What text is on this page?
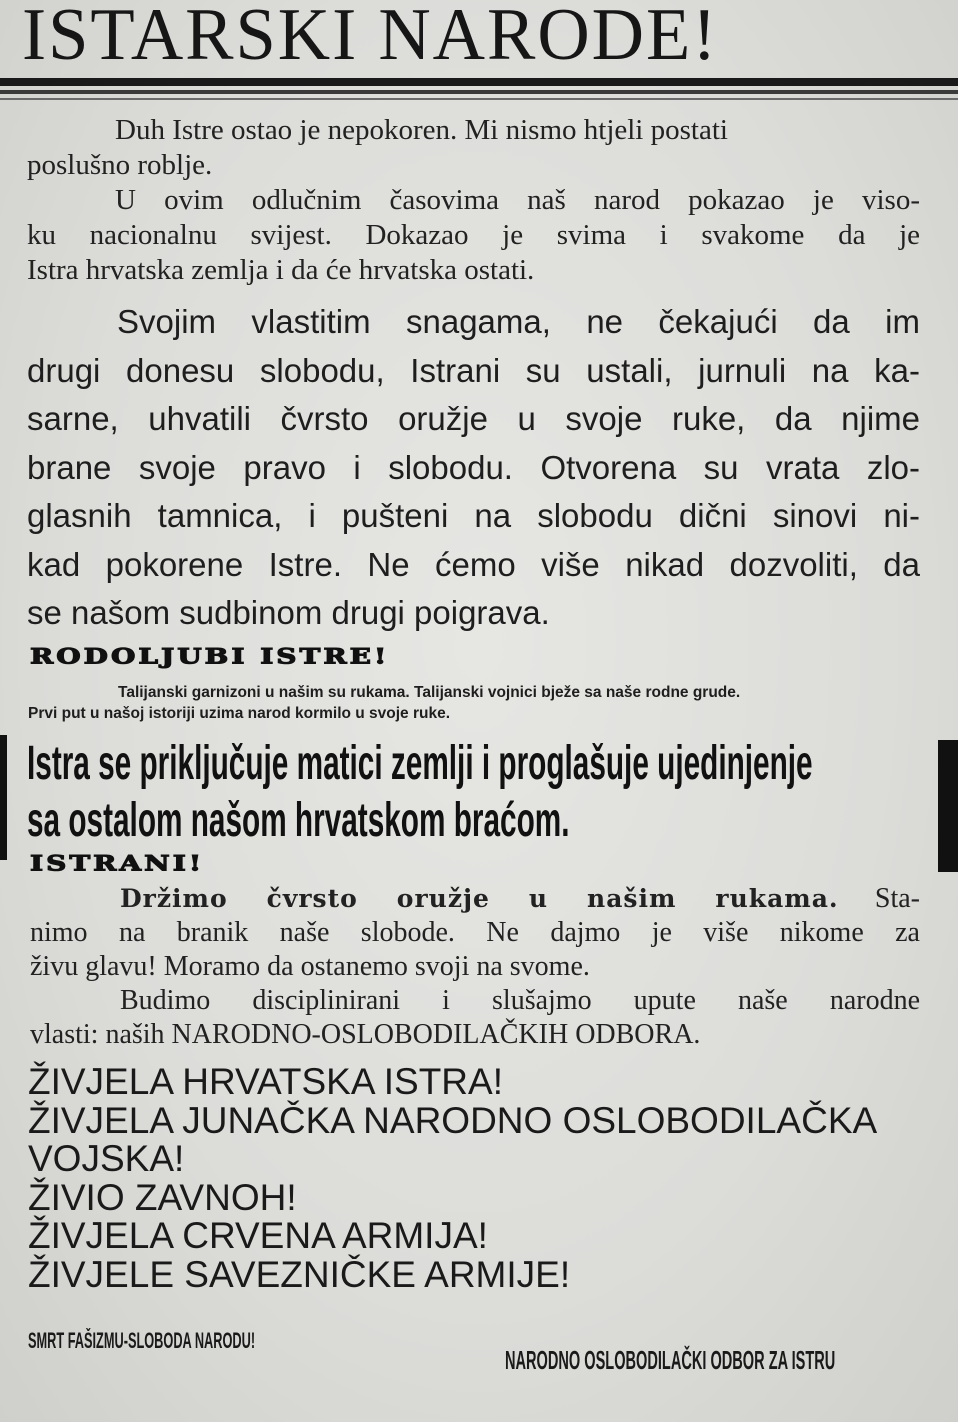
ISTARSKI NARODE!
Duh Istre ostao je nepokoren. Mi nismo htjeli postati
poslušno roblje.
U ovim odlučnim časovima naš narod pokazao je viso-
ku nacionalnu svijest. Dokazao je svima i svakome da je
Istra hrvatska zemlja i da će hrvatska ostati.
Svojim vlastitim snagama, ne čekajući da im
drugi donesu slobodu, Istrani su ustali, jurnuli na ka-
sarne, uhvatili čvrsto oružje u svoje ruke, da njime
brane svoje pravo i slobodu. Otvorena su vrata zlo-
glasnih tamnica, i pušteni na slobodu dični sinovi ni-
kad pokorene Istre. Ne ćemo više nikad dozvoliti, da
se našom sudbinom drugi poigrava.
RODOLJUBI ISTRE!
Talijanski garnizoni u našim su rukama. Talijanski vojnici bježe sa naše rodne grude.
Prvi put u našoj istoriji uzima narod kormilo u svoje ruke.
Istra se priključuje matici zemlji i proglašuje ujedinjenje
sa ostalom našom hrvatskom braćom.
ISTRANI!
Držimo čvrsto oružje u našim rukama. Sta-
nimo na branik naše slobode. Ne dajmo je više nikome za
živu glavu! Moramo da ostanemo svoji na svome.
Budimo disciplinirani i slušajmo upute naše narodne
vlasti: naših NARODNO-OSLOBODILAČKIH ODBORA.
ŽIVJELA HRVATSKA ISTRA!
ŽIVJELA JUNAČKA NARODNO OSLOBODILAČKA
VOJSKA!
ŽIVIO ZAVNOH!
ŽIVJELA CRVENA ARMIJA!
ŽIVJELE SAVEZNIČKE ARMIJE!
SMRT FAŠIZMU-SLOBODA NARODU!
NARODNO OSLOBODILAČKI ODBOR ZA ISTRU
